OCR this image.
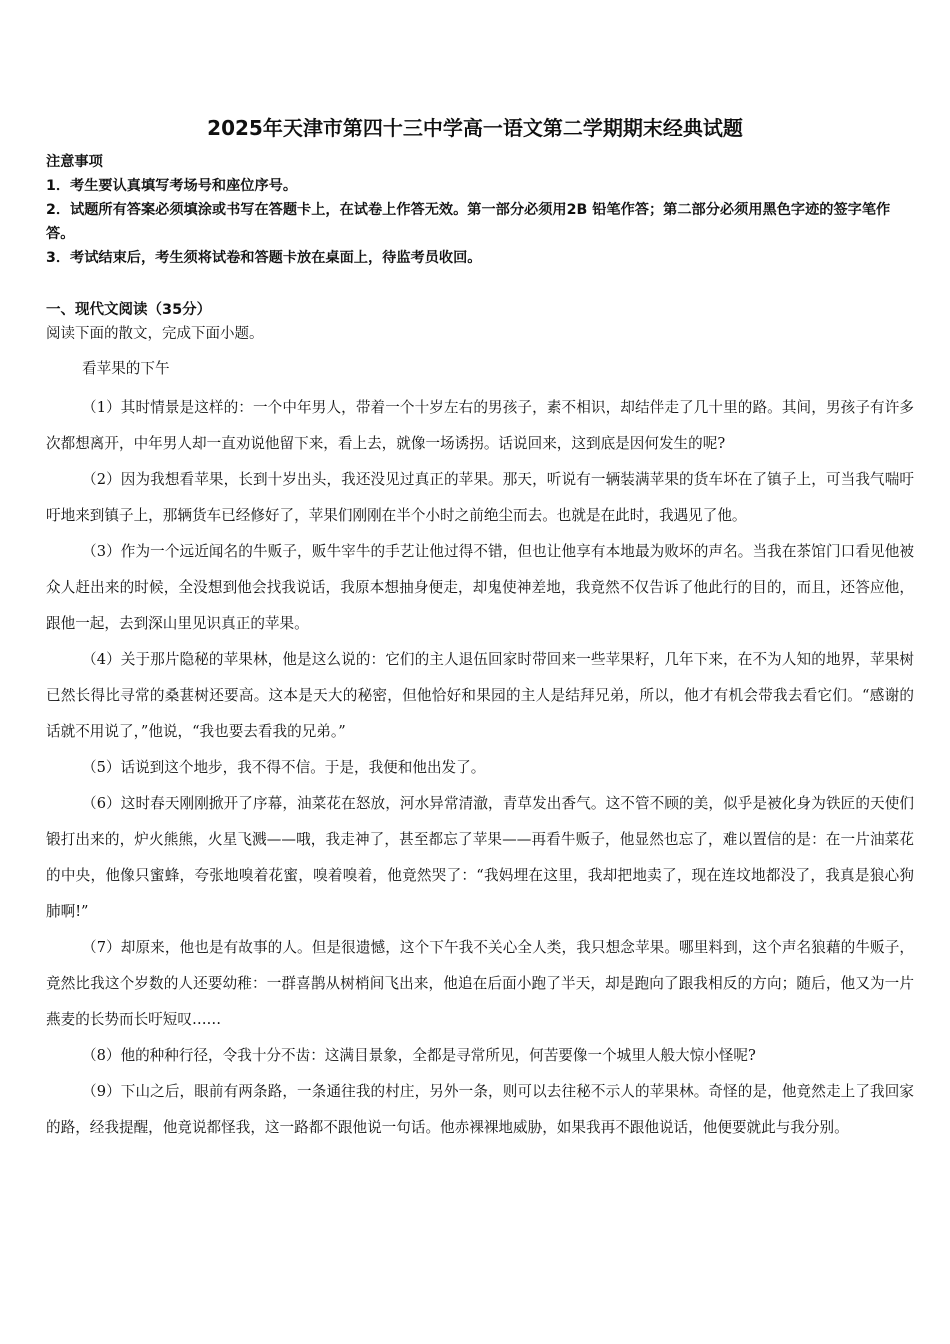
2025年天津市第四十三中学高一语文第二学期期末经典试题
注意事项
1．考生要认真填写考场号和座位序号。
2．试题所有答案必须填涂或书写在答题卡上，在试卷上作答无效。第一部分必须用2B 铅笔作答；第二部分必须用黑色字迹的签字笔作答。
3．考试结束后，考生须将试卷和答题卡放在桌面上，待监考员收回。
一、现代文阅读（35分）
阅读下面的散文，完成下面小题。
看苹果的下午

（1）其时情景是这样的：一个中年男人，带着一个十岁左右的男孩子，素不相识，却结伴走了几十里的路。其间，男孩子有许多次都想离开，中年男人却一直劝说他留下来，看上去，就像一场诱拐。话说回来，这到底是因何发生的呢?

（2）因为我想看苹果，长到十岁出头，我还没见过真正的苹果。那天，听说有一辆装满苹果的货车坏在了镇子上，可当我气喘吁吁地来到镇子上，那辆货车已经修好了，苹果们刚刚在半个小时之前绝尘而去。也就是在此时，我遇见了他。

（3）作为一个远近闻名的牛贩子，贩牛宰牛的手艺让他过得不错，但也让他享有本地最为败坏的声名。当我在茶馆门口看见他被众人赶出来的时候，全没想到他会找我说话，我原本想抽身便走，却鬼使神差地，我竟然不仅告诉了他此行的目的，而且，还答应他，跟他一起，去到深山里见识真正的苹果。

（4）关于那片隐秘的苹果林，他是这么说的：它们的主人退伍回家时带回来一些苹果籽，几年下来，在不为人知的地界，苹果树已然长得比寻常的桑葚树还要高。这本是天大的秘密，但他恰好和果园的主人是结拜兄弟，所以，他才有机会带我去看它们。“感谢的话就不用说了，”他说，“我也要去看我的兄弟。”

（5）话说到这个地步，我不得不信。于是，我便和他出发了。

（6）这时春天刚刚掀开了序幕，油菜花在怒放，河水异常清澈，青草发出香气。这不管不顾的美，似乎是被化身为铁匠的天使们锻打出来的，炉火熊熊，火星飞溅——哦，我走神了，甚至都忘了苹果——再看牛贩子，他显然也忘了，难以置信的是：在一片油菜花的中央，他像只蜜蜂，夸张地嗅着花蜜，嗅着嗅着，他竟然哭了：“我妈埋在这里，我却把地卖了，现在连坟地都没了，我真是狼心狗肺啊!”

（7）却原来，他也是有故事的人。但是很遗憾，这个下午我不关心全人类，我只想念苹果。哪里料到，这个声名狼藉的牛贩子，竟然比我这个岁数的人还要幼稚：一群喜鹊从树梢间飞出来，他追在后面小跑了半天，却是跑向了跟我相反的方向；随后，他又为一片燕麦的长势而长吁短叹……

（8）他的种种行径，令我十分不齿：这满目景象，全都是寻常所见，何苦要像一个城里人般大惊小怪呢?

（9）下山之后，眼前有两条路，一条通往我的村庄，另外一条，则可以去往秘不示人的苹果林。奇怪的是，他竟然走上了我回家的路，经我提醒，他竟说都怪我，这一路都不跟他说一句话。他赤裸裸地威胁，如果我再不跟他说话，他便要就此与我分别。
